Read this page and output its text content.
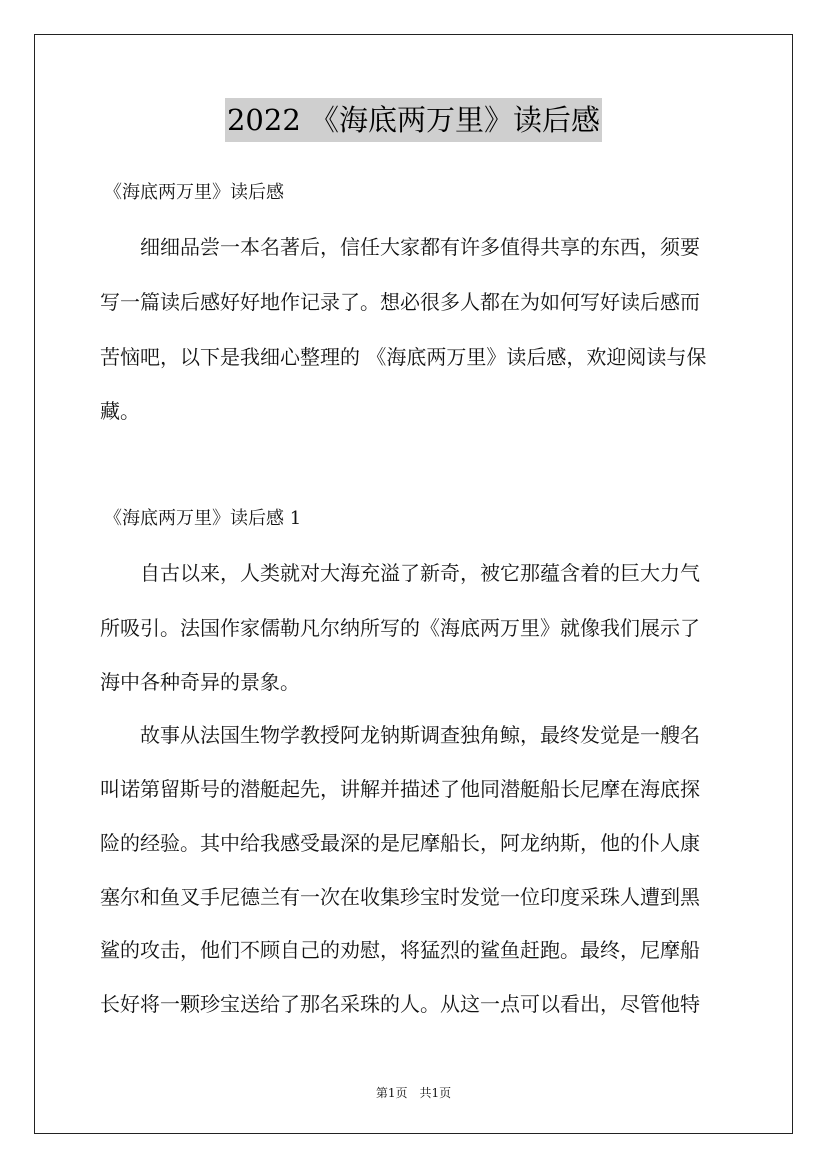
2022 《海底两万里》读后感
《海底两万里》读后感
　　细细品尝一本名著后，信任大家都有许多值得共享的东西，须要
写一篇读后感好好地作记录了。想必很多人都在为如何写好读后感而
苦恼吧，以下是我细心整理的 《海底两万里》读后感，欢迎阅读与保
藏。
《海底两万里》读后感 1
　　自古以来，人类就对大海充溢了新奇，被它那蕴含着的巨大力气
所吸引。法国作家儒勒凡尔纳所写的《海底两万里》就像我们展示了
海中各种奇异的景象。
　　故事从法国生物学教授阿龙钠斯调查独角鲸，最终发觉是一艘名
叫诺第留斯号的潜艇起先，讲解并描述了他同潜艇船长尼摩在海底探
险的经验。其中给我感受最深的是尼摩船长，阿龙纳斯，他的仆人康
塞尔和鱼叉手尼德兰有一次在收集珍宝时发觉一位印度采珠人遭到黑
鲨的攻击，他们不顾自己的劝慰，将猛烈的鲨鱼赶跑。最终，尼摩船
长好将一颗珍宝送给了那名采珠的人。从这一点可以看出，尽管他特
第1页　共1页
